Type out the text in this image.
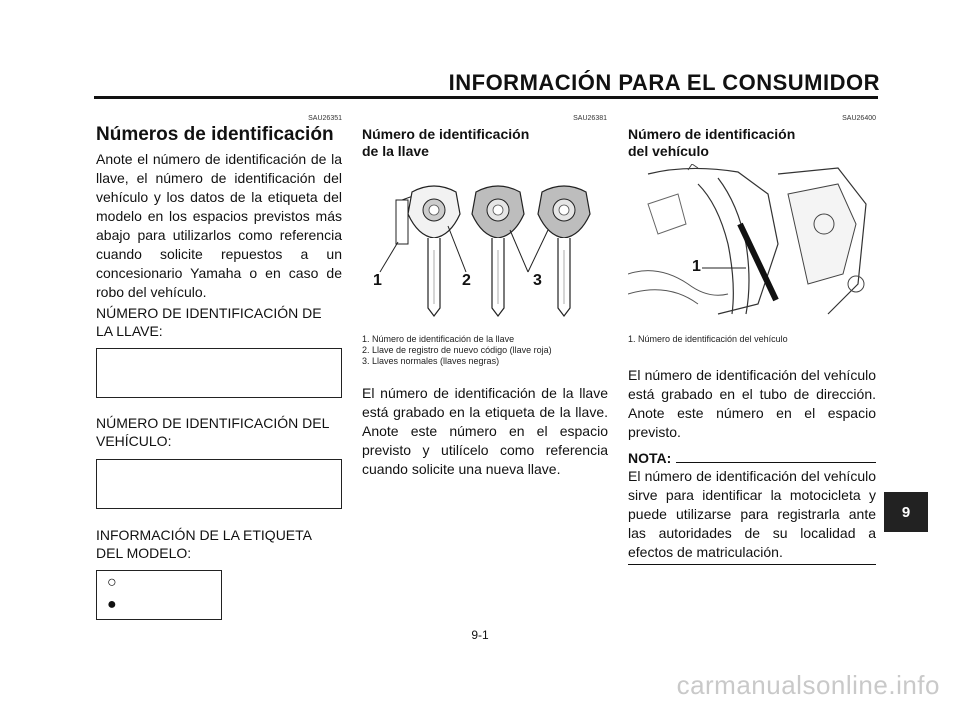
INFORMACIÓN PARA EL CONSUMIDOR
SAU26351
Números de identificación
Anote el número de identificación de la llave, el número de identificación del vehículo y los datos de la etiqueta del modelo en los espacios previstos más abajo para utilizarlos como referencia cuando solicite repuestos a un concesionario Yamaha o en caso de robo del vehículo.
NÚMERO DE IDENTIFICACIÓN DE
LA LLAVE:
NÚMERO DE IDENTIFICACIÓN DEL
VEHÍCULO:
INFORMACIÓN DE LA ETIQUETA
DEL MODELO:
○
●
SAU26381
Número de identificación
de la llave
1	2	3
1. Número de identificación de la llave
2. Llave de registro de nuevo código (llave roja)
3. Llaves normales (llaves negras)
El número de identificación de la llave está grabado en la etiqueta de la llave. Anote este número en el espacio previsto y utilícelo como referencia cuando solicite una nueva llave.
SAU26400
Número de identificación
del vehículo
1
1. Número de identificación del vehículo
El número de identificación del vehículo está grabado en el tubo de dirección. Anote este número en el espacio previsto.
NOTA:
El número de identificación del vehículo sirve para identificar la motocicleta y puede utilizarse para registrarla ante las autoridades de su localidad a efectos de matriculación.
9
9-1
carmanualsonline.info
